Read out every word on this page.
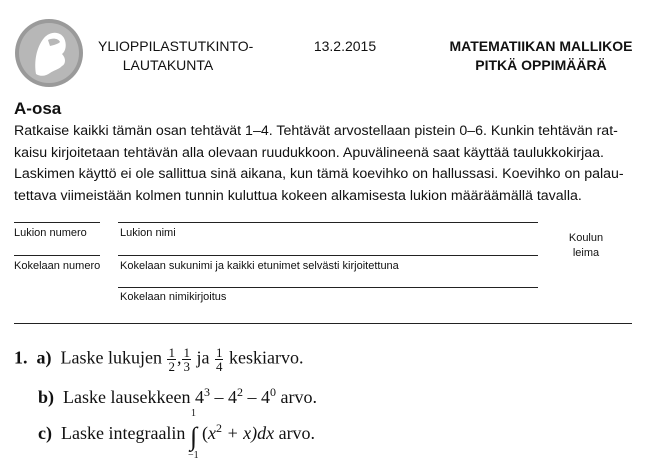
YLIOPPILASTUTKINTO-
LAUTAKUNTA
13.2.2015	MATEMATIIKAN MALLIKOE
PITKÄ OPPIMÄÄRÄ
A-osa
Ratkaise kaikki tämän osan tehtävät 1–4. Tehtävät arvostellaan pistein 0–6. Kunkin tehtävän rat-
kaisu kirjoitetaan tehtävän alla olevaan ruudukkoon. Apuvälineenä saat käyttää taulukkokirjaa.
Laskimen käyttö ei ole sallittua sinä aikana, kun tämä koevihko on hallussasi. Koevihko on palau-
tettava viimeistään kolmen tunnin kuluttua kokeen alkamisesta lukion määräämällä tavalla.
Lukion numero	Lukion nimi
Kokelaan numero Kokelaan sukunimi ja kaikki etunimet selvästi kirjoitettuna
Kokelaan nimikirjoitus
Koulun
leima
1. a) Laske lukujen $\frac{1}{2}$ , $\frac{1}{3}$ ja $\frac{1}{4}$ keskiarvo.
b) Laske lausekkeen $4^3 - 4^2 - 4^0$ arvo.
c) Laske integraalin ∫
1
−1
$(x^2 + x)dx$ arvo.
